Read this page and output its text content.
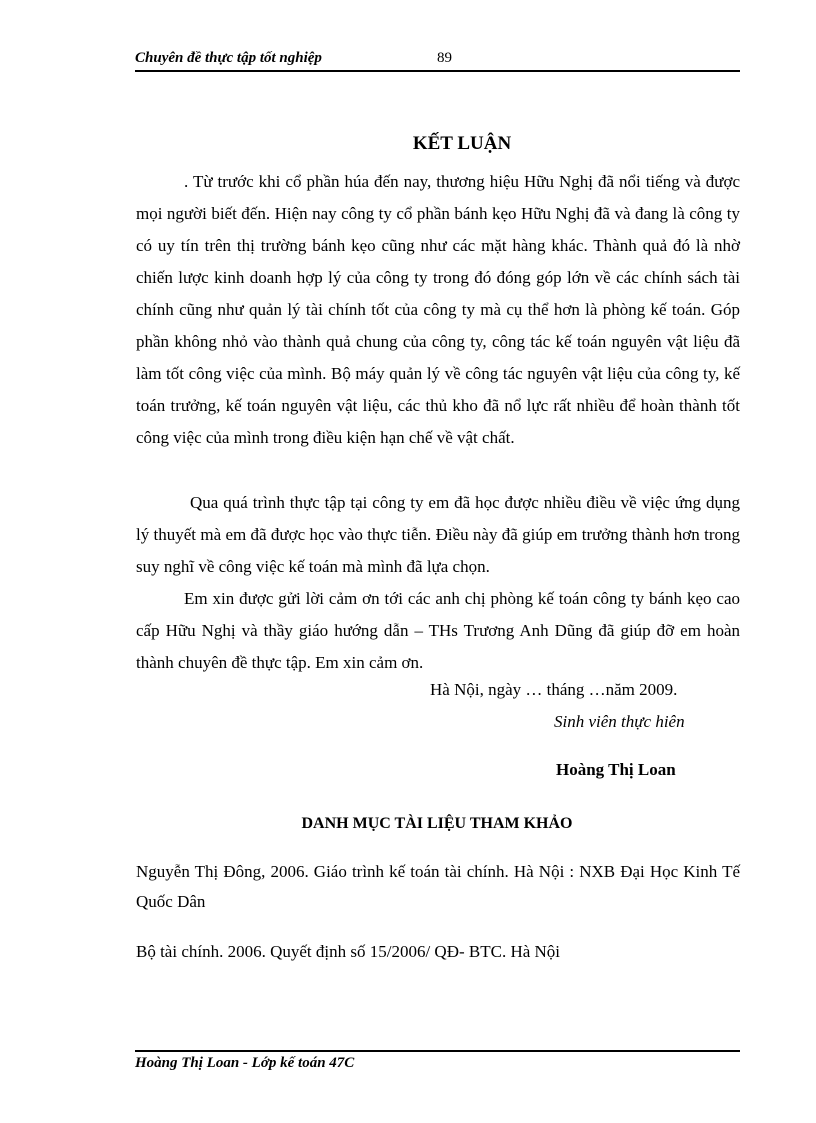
Chuyên đề thực tập tốt nghiệp	89
KẾT LUẬN

. Từ trước khi cổ phần húa đến nay, thương hiệu Hữu Nghị đã nổi tiếng và được mọi người biết đến. Hiện nay công ty cổ phần bánh kẹo Hữu Nghị đã và đang là công ty có uy tín trên thị trường bánh kẹo cũng như các mặt hàng khác. Thành quả đó là nhờ chiến lược kinh doanh hợp lý của công ty trong đó đóng góp lớn về các chính sách tài chính cũng như quản lý tài chính tốt của công ty mà cụ thể hơn là phòng kế toán. Góp phần không nhỏ vào thành quả chung của công ty, công tác kế toán nguyên vật liệu đã làm tốt công việc của mình. Bộ máy quản lý về công tác nguyên vật liệu của công ty, kế toán trưởng, kế toán nguyên vật liệu, các thủ kho đã nổ lực rất nhiều để hoàn thành tốt công việc của mình trong điều kiện hạn chế về vật chất.

Qua quá trình thực tập tại công ty em đã học được nhiều điều về việc ứng dụng lý thuyết mà em đã được học vào thực tiễn. Điều này đã giúp em trưởng thành hơn trong suy nghĩ về công việc kế toán mà mình đã lựa chọn.

Em xin được gửi lời cảm ơn tới các anh chị phòng kế toán công ty bánh kẹo cao cấp Hữu Nghị và thầy giáo hướng dẫn – THs Trương Anh Dũng đã giúp đỡ em hoàn thành chuyên đề thực tập. Em xin cảm ơn.

Hà Nội, ngày … tháng …năm 2009.
Sinh viên thực hiên
Hoàng Thị Loan
DANH MỤC TÀI LIỆU THAM KHẢO

Nguyễn Thị Đông, 2006. Giáo trình kế toán tài chính. Hà Nội : NXB Đại Học Kinh Tế Quốc Dân

Bộ tài chính. 2006. Quyết định số 15/2006/ QĐ- BTC. Hà Nội

Hoàng Thị Loan - Lớp kế toán 47C
